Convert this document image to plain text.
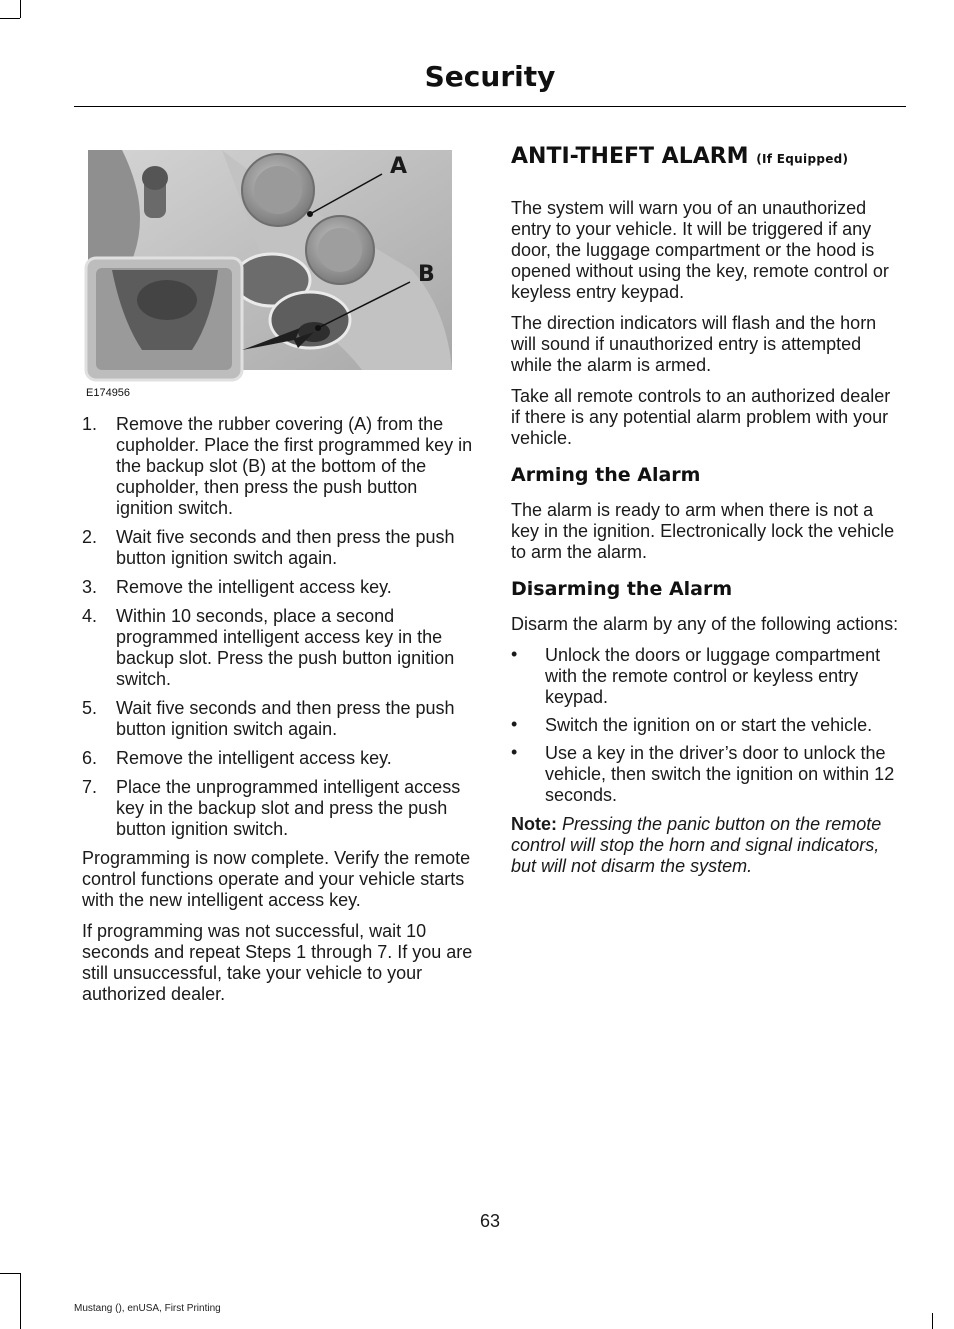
Security
A
B
E174956
1. Remove the rubber covering (A) from the cupholder. Place the first programmed key in the backup slot (B) at the bottom of the cupholder, then press the push button ignition switch.
2. Wait five seconds and then press the push button ignition switch again.
3. Remove the intelligent access key.
4. Within 10 seconds, place a second programmed intelligent access key in the backup slot. Press the push button ignition switch.
5. Wait five seconds and then press the push button ignition switch again.
6. Remove the intelligent access key.
7. Place the unprogrammed intelligent access key in the backup slot and press the push button ignition switch.

Programming is now complete. Verify the remote control functions operate and your vehicle starts with the new intelligent access key.

If programming was not successful, wait 10 seconds and repeat Steps 1 through 7. If you are still unsuccessful, take your vehicle to your authorized dealer.

ANTI-THEFT ALARM (If Equipped)

The system will warn you of an unauthorized entry to your vehicle. It will be triggered if any door, the luggage compartment or the hood is opened without using the key, remote control or keyless entry keypad.

The direction indicators will flash and the horn will sound if unauthorized entry is attempted while the alarm is armed.

Take all remote controls to an authorized dealer if there is any potential alarm problem with your vehicle.

Arming the Alarm

The alarm is ready to arm when there is not a key in the ignition. Electronically lock the vehicle to arm the alarm.

Disarming the Alarm

Disarm the alarm by any of the following actions:

• Unlock the doors or luggage compartment with the remote control or keyless entry keypad.
• Switch the ignition on or start the vehicle.
• Use a key in the driver’s door to unlock the vehicle, then switch the ignition on within 12 seconds.

Note: Pressing the panic button on the remote control will stop the horn and signal indicators, but will not disarm the system.

63
Mustang (), enUSA, First Printing
